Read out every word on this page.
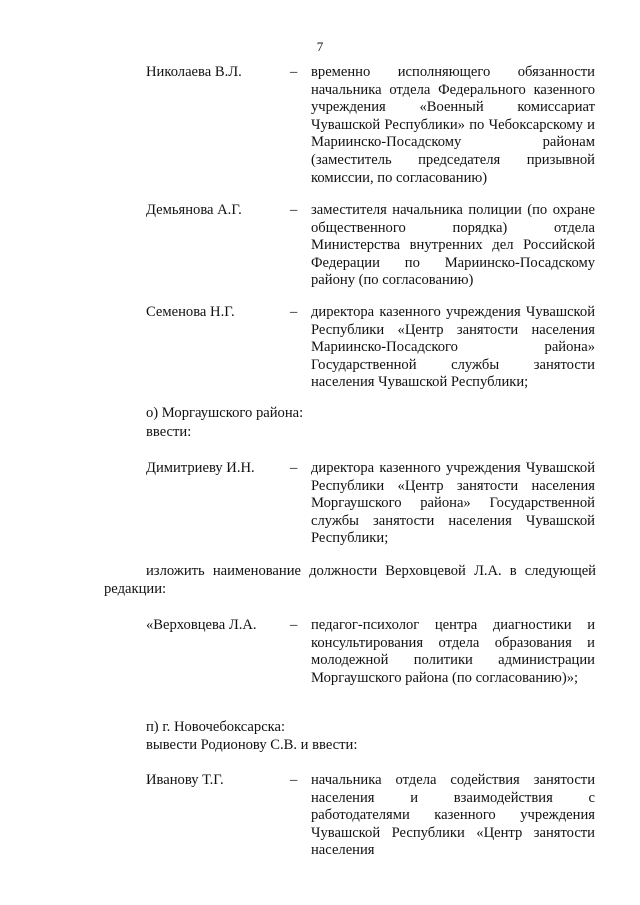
7
Николаева В.Л.	– временно исполняющего обязанности начальника отдела Федерального казенного учреждения «Военный комиссариат Чувашской Республики» по Чебоксарскому и Мариинско-Посадскому районам (заместитель председателя призывной комиссии, по согласованию)
Демьянова А.Г.	– заместителя начальника полиции (по охране общественного порядка) отдела Министерства внутренних дел Российской Федерации по Мариинско-Посадскому району (по согласованию)
Семенова Н.Г.	– директора казенного учреждения Чувашской Республики «Центр занятости населения Мариинско-Посадского района» Государственной службы занятости населения Чувашской Республики;
о) Моргаушского района:
ввести:
Димитриеву И.Н. – директора казенного учреждения Чувашской Республики «Центр занятости населения Моргаушского района» Государственной службы занятости населения Чувашской Республики;
изложить наименование должности Верховцевой Л.А. в следующей редакции:
«Верховцева Л.А. – педагог-психолог центра диагностики и консультирования отдела образования и молодежной политики администрации Моргаушского района (по согласованию)»;
п) г. Новочебоксарска:
вывести Родионову С.В. и ввести:
Иванову Т.Г.	– начальника отдела содействия занятости населения и взаимодействия с работодателями казенного учреждения Чувашской Республики «Центр занятости населения
